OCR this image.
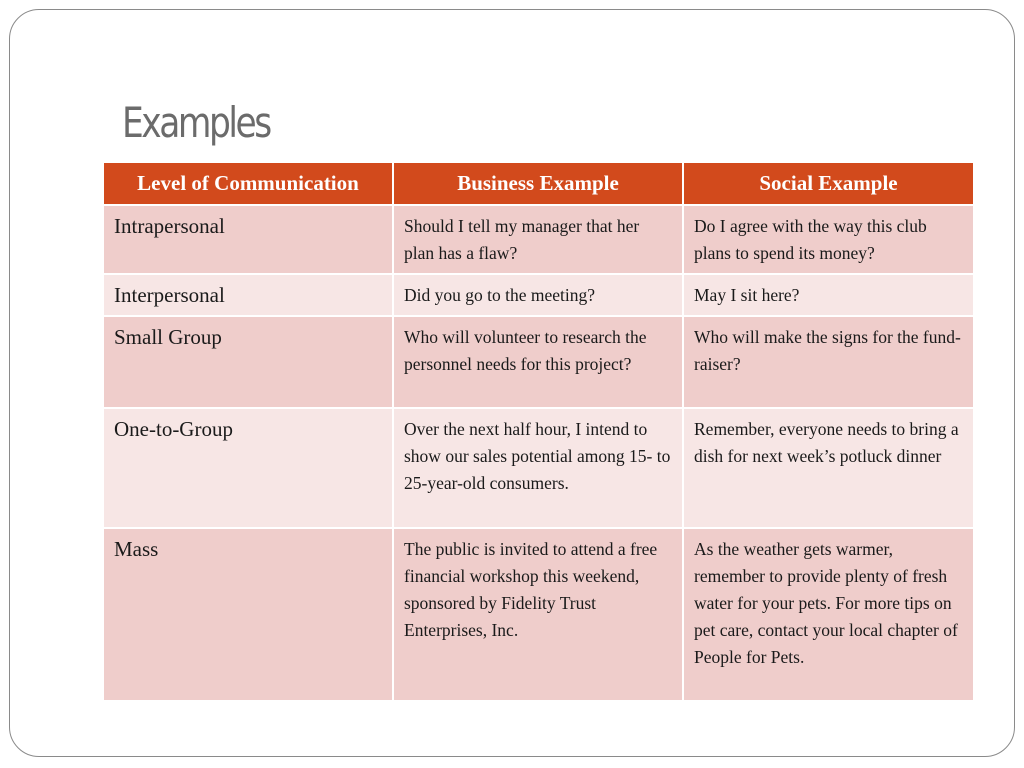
Examples
Level of Communication	Business Example	Social Example
Intrapersonal	Should I tell my manager that her plan has a flaw?	Do I agree with the way this club plans to spend its money?
Interpersonal	Did you go to the meeting?	May I sit here?
Small Group	Who will volunteer to research the personnel needs for this project?	Who will make the signs for the fund-raiser?
One-to-Group	Over the next half hour, I intend to show our sales potential among 15- to 25-year-old consumers.	Remember, everyone needs to bring a dish for next week’s potluck dinner
Mass	The public is invited to attend a free financial workshop this weekend, sponsored by Fidelity Trust Enterprises, Inc.	As the weather gets warmer, remember to provide plenty of fresh water for your pets. For more tips on pet care, contact your local chapter of People for Pets.
